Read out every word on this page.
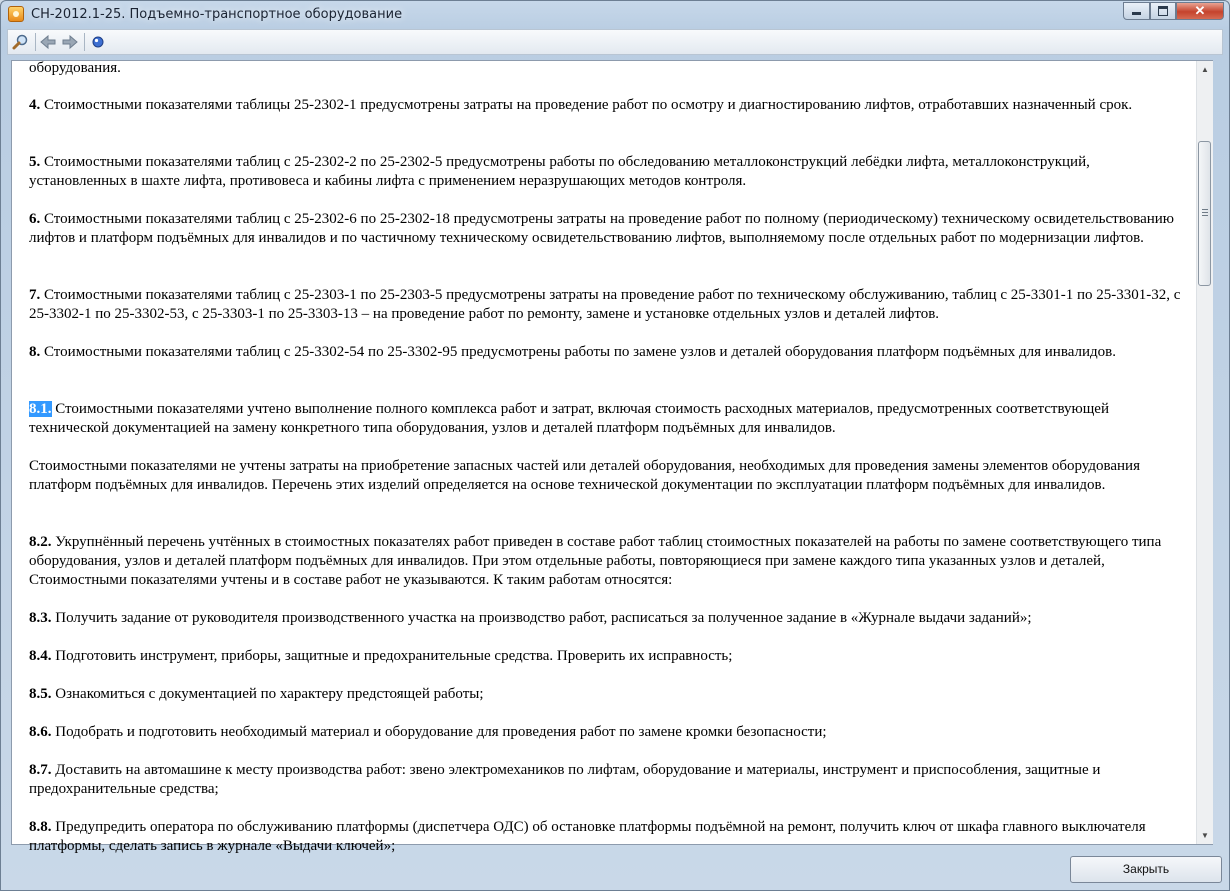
СН-2012.1-25. Подъемно-транспортное оборудование	✕

оборудования.

4. Стоимостными показателями таблицы 25-2302-1 предусмотрены затраты на проведение работ по осмотру и диагностированию лифтов, отработавших назначенный срок.

5. Стоимостными показателями таблиц с 25-2302-2 по 25-2302-5 предусмотрены работы по обследованию металлоконструкций лебёдки лифта, металлоконструкций, установленных в шахте лифта, противовеса и кабины лифта с применением неразрушающих методов контроля.

6. Стоимостными показателями таблиц с 25-2302-6 по 25-2302-18 предусмотрены затраты на проведение работ по полному (периодическому) техническому освидетельствованию лифтов и платформ подъёмных для инвалидов и по частичному техническому освидетельствованию лифтов, выполняемому после отдельных работ по модернизации лифтов.

7. Стоимостными показателями таблиц с 25-2303-1 по 25-2303-5 предусмотрены затраты на проведение работ по техническому обслуживанию, таблиц с 25-3301-1 по 25-3301-32, с 25-3302-1 по 25-3302-53, с 25-3303-1 по 25-3303-13 – на проведение работ по ремонту, замене и установке отдельных узлов и деталей лифтов.

8. Стоимостными показателями таблиц с 25-3302-54 по 25-3302-95 предусмотрены работы по замене узлов и деталей оборудования платформ подъёмных для инвалидов.

8.1. Стоимостными показателями учтено выполнение полного комплекса работ и затрат, включая стоимость расходных материалов, предусмотренных соответствующей технической документацией на замену конкретного типа оборудования, узлов и деталей платформ подъёмных для инвалидов.

Стоимостными показателями не учтены затраты на приобретение запасных частей или деталей оборудования, необходимых для проведения замены элементов оборудования платформ подъёмных для инвалидов. Перечень этих изделий определяется на основе технической документации по эксплуатации платформ подъёмных для инвалидов.

8.2. Укрупнённый перечень учтённых в стоимостных показателях работ приведен в составе работ таблиц стоимостных показателей на работы по замене соответствующего типа оборудования, узлов и деталей платформ подъёмных для инвалидов. При этом отдельные работы, повторяющиеся при замене каждого типа указанных узлов и деталей, Стоимостными показателями учтены и в составе работ не указываются. К таким работам относятся:

8.3. Получить задание от руководителя производственного участка на производство работ, расписаться за полученное задание в «Журнале выдачи заданий»;

8.4. Подготовить инструмент, приборы, защитные и предохранительные средства. Проверить их исправность;

8.5. Ознакомиться с документацией по характеру предстоящей работы;

8.6. Подобрать и подготовить необходимый материал и оборудование для проведения работ по замене кромки безопасности;

8.7. Доставить на автомашине к месту производства работ: звено электромехаников по лифтам, оборудование и материалы, инструмент и приспособления, защитные и предохранительные средства;

8.8. Предупредить оператора по обслуживанию платформы (диспетчера ОДС) об остановке платформы подъёмной на ремонт, получить ключ от шкафа главного выключателя платформы, сделать запись в журнале «Выдачи ключей»;

▲
▼
Закрыть
